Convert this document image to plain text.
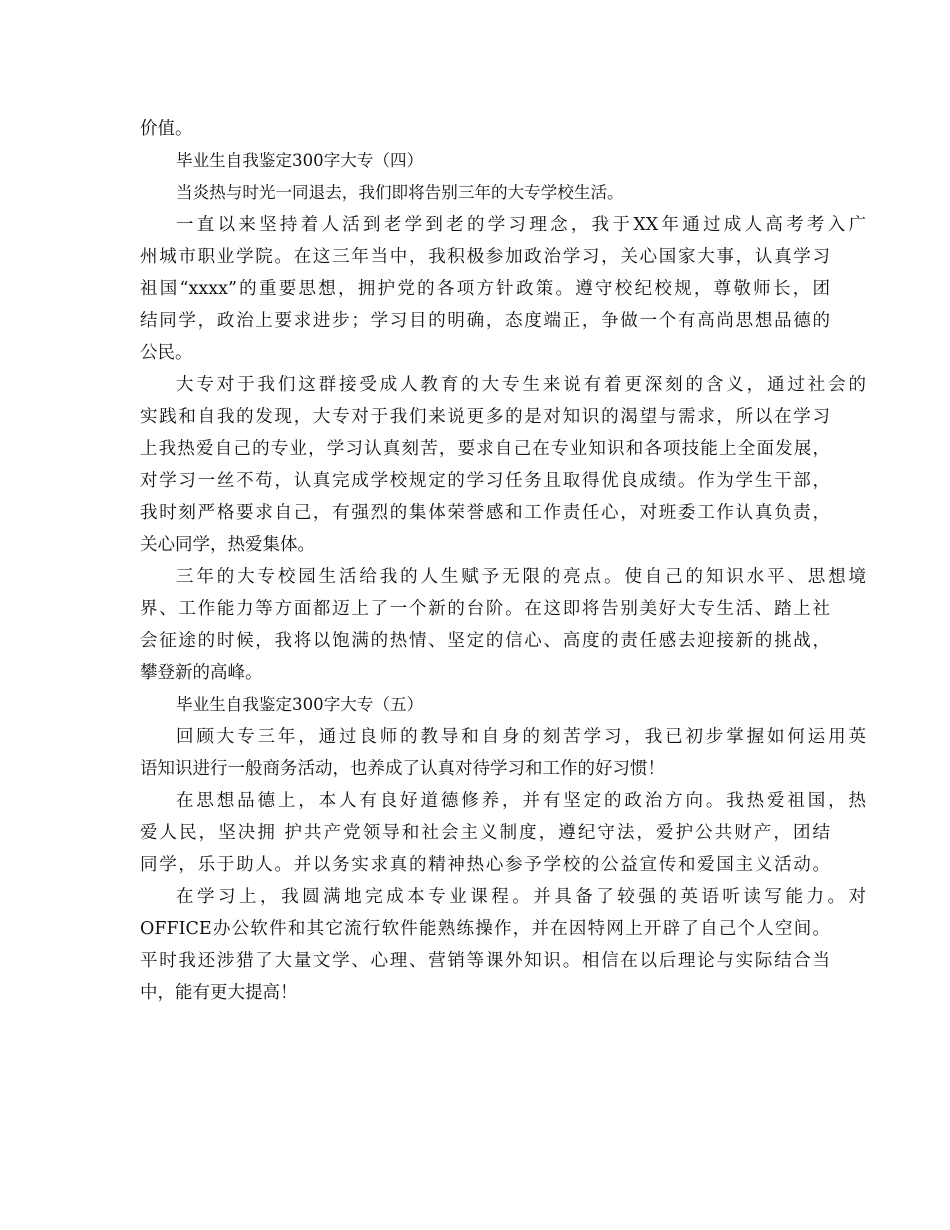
价值。
毕业生自我鉴定300字大专（四）
当炎热与时光一同退去，我们即将告别三年的大专学校生活。
一直以来坚持着人活到老学到老的学习理念，我于XX年通过成人高考考入广
州城市职业学院。在这三年当中，我积极参加政治学习，关心国家大事，认真学习
祖国“xxxx”的重要思想，拥护党的各项方针政策。遵守校纪校规，尊敬师长，团
结同学，政治上要求进步；学习目的明确，态度端正，争做一个有高尚思想品德的
公民。
大专对于我们这群接受成人教育的大专生来说有着更深刻的含义，通过社会的
实践和自我的发现，大专对于我们来说更多的是对知识的渴望与需求，所以在学习
上我热爱自己的专业，学习认真刻苦，要求自己在专业知识和各项技能上全面发展，
对学习一丝不苟，认真完成学校规定的学习任务且取得优良成绩。作为学生干部，
我时刻严格要求自己，有强烈的集体荣誉感和工作责任心，对班委工作认真负责，
关心同学，热爱集体。
三年的大专校园生活给我的人生赋予无限的亮点。使自己的知识水平、思想境
界、工作能力等方面都迈上了一个新的台阶。在这即将告别美好大专生活、踏上社
会征途的时候，我将以饱满的热情、坚定的信心、高度的责任感去迎接新的挑战，
攀登新的高峰。
毕业生自我鉴定300字大专（五）
回顾大专三年，通过良师的教导和自身的刻苦学习，我已初步掌握如何运用英
语知识进行一般商务活动，也养成了认真对待学习和工作的好习惯！
在思想品德上，本人有良好道德修养，并有坚定的政治方向。我热爱祖国，热
爱人民，坚决拥 护共产党领导和社会主义制度，遵纪守法，爱护公共财产，团结
同学，乐于助人。并以务实求真的精神热心参予学校的公益宣传和爱国主义活动。
在学习上，我圆满地完成本专业课程。并具备了较强的英语听读写能力。对
OFFICE办公软件和其它流行软件能熟练操作，并在因特网上开辟了自己个人空间。
平时我还涉猎了大量文学、心理、营销等课外知识。相信在以后理论与实际结合当
中，能有更大提高！
